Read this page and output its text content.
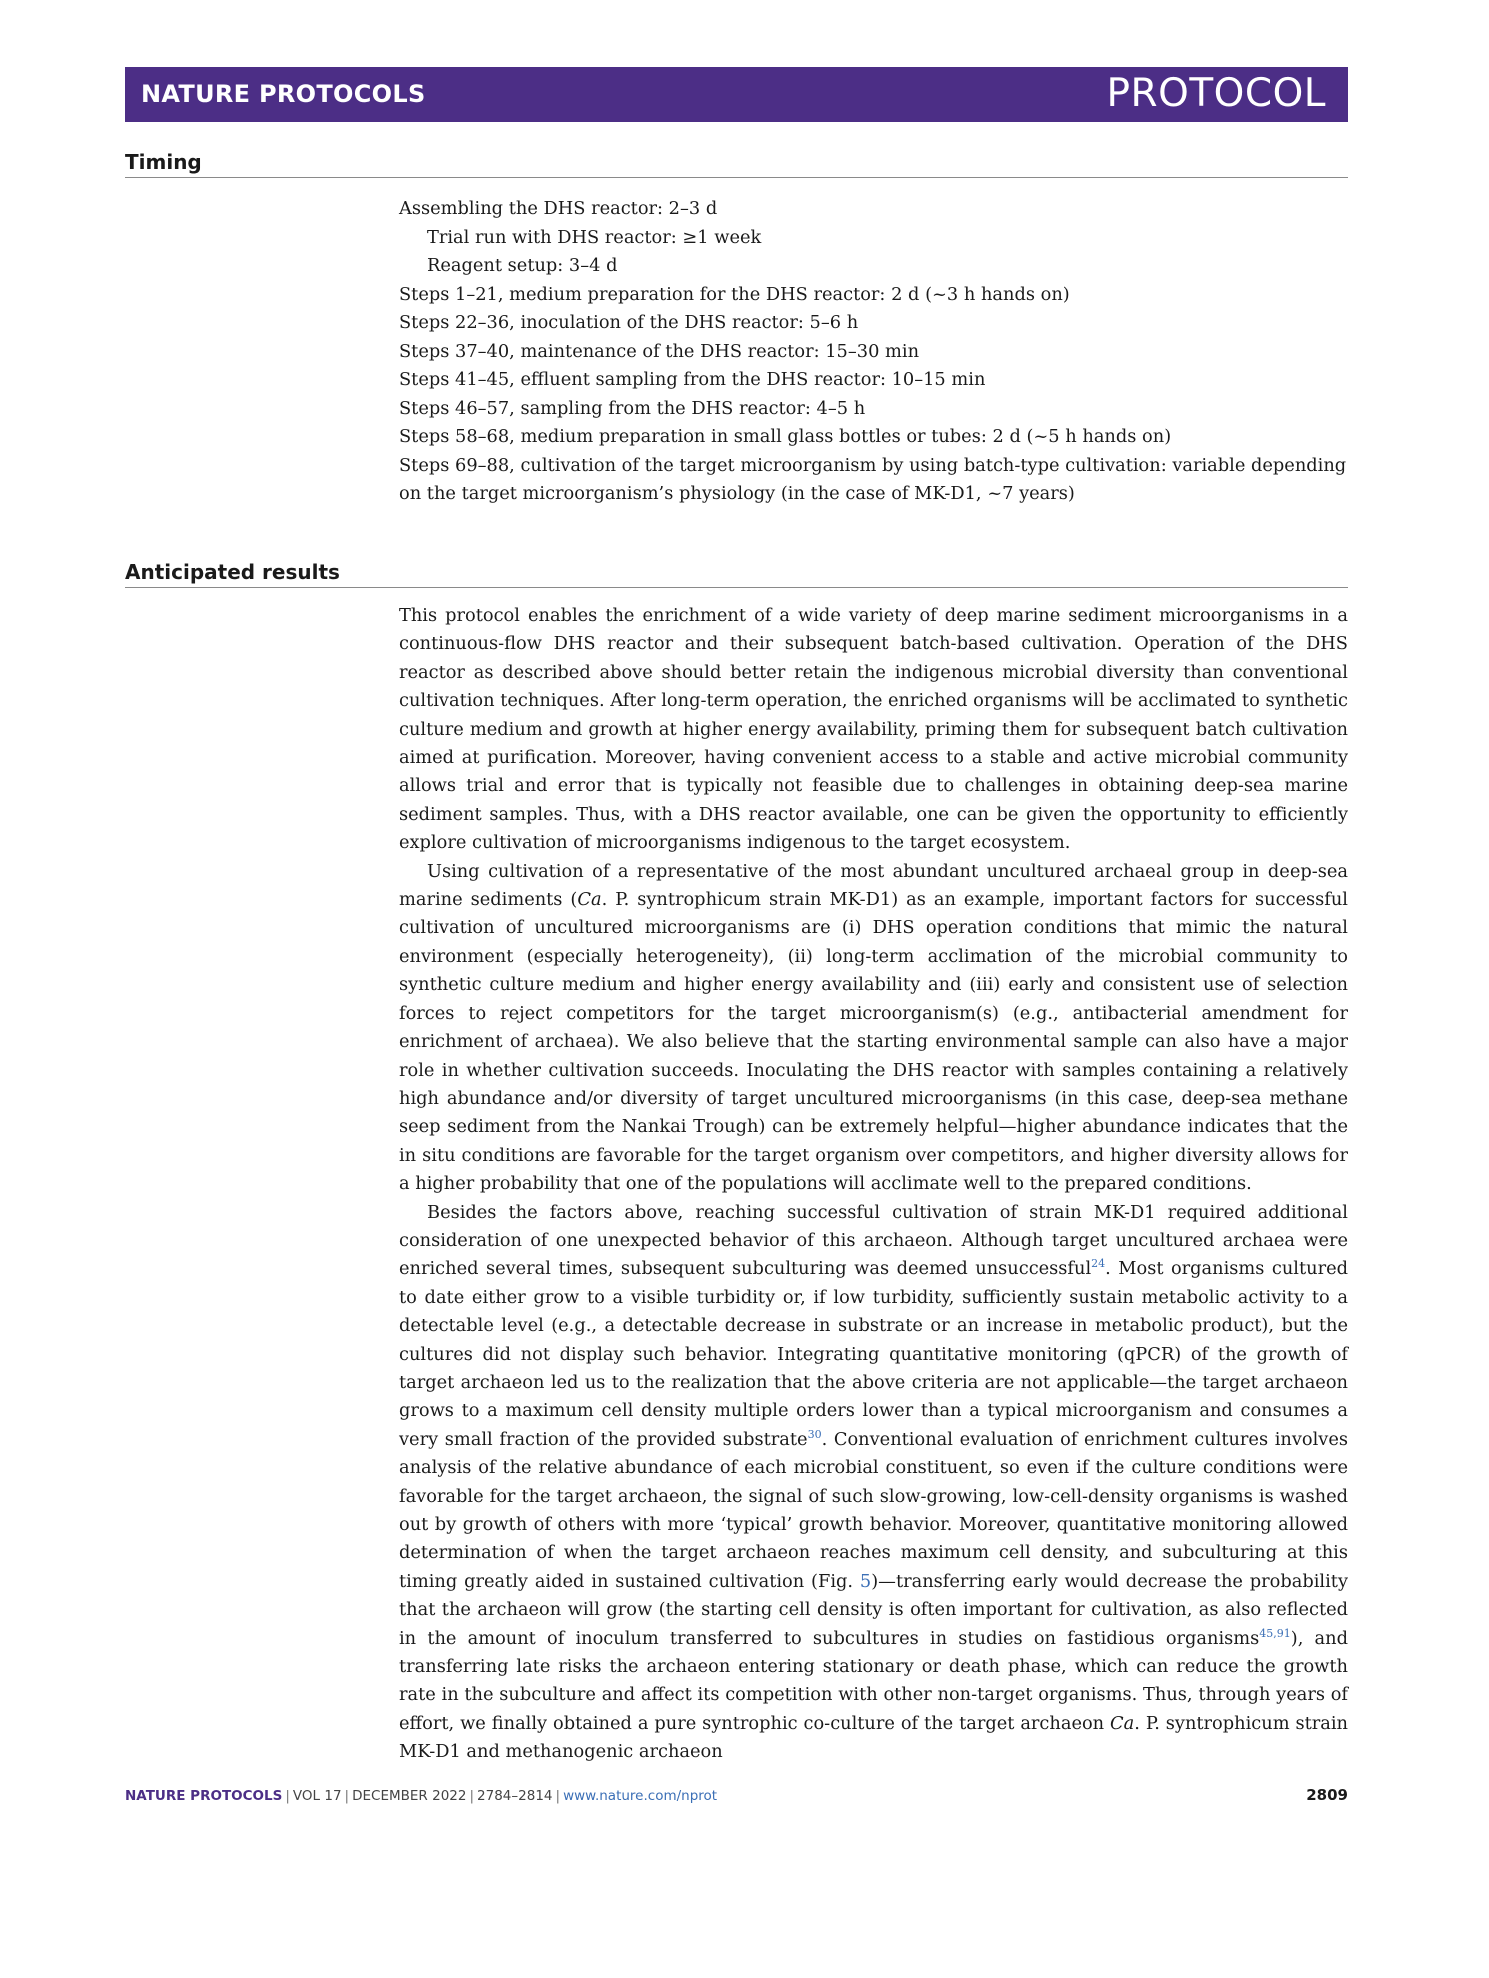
NATURE PROTOCOLS	PROTOCOL
Timing
Assembling the DHS reactor: 2–3 d
Trial run with DHS reactor: ≥1 week
Reagent setup: 3–4 d
Steps 1–21, medium preparation for the DHS reactor: 2 d (~3 h hands on)
Steps 22–36, inoculation of the DHS reactor: 5–6 h
Steps 37–40, maintenance of the DHS reactor: 15–30 min
Steps 41–45, effluent sampling from the DHS reactor: 10–15 min
Steps 46–57, sampling from the DHS reactor: 4–5 h
Steps 58–68, medium preparation in small glass bottles or tubes: 2 d (~5 h hands on)
Steps 69–88, cultivation of the target microorganism by using batch-type cultivation: variable depending on the target microorganism’s physiology (in the case of MK-D1, ~7 years)
Anticipated results

This protocol enables the enrichment of a wide variety of deep marine sediment microorganisms in a continuous-flow DHS reactor and their subsequent batch-based cultivation. Operation of the DHS reactor as described above should better retain the indigenous microbial diversity than conventional cultivation techniques. After long-term operation, the enriched organisms will be acclimated to synthetic culture medium and growth at higher energy availability, priming them for subsequent batch cultivation aimed at purification. Moreover, having convenient access to a stable and active microbial community allows trial and error that is typically not feasible due to challenges in obtaining deep-sea marine sediment samples. Thus, with a DHS reactor available, one can be given the opportunity to efficiently explore cultivation of microorganisms indigenous to the target ecosystem.

Using cultivation of a representative of the most abundant uncultured archaeal group in deep-sea marine sediments (Ca. P. syntrophicum strain MK-D1) as an example, important factors for successful cultivation of uncultured microorganisms are (i) DHS operation conditions that mimic the natural environment (especially heterogeneity), (ii) long-term acclimation of the microbial community to synthetic culture medium and higher energy availability and (iii) early and consistent use of selection forces to reject competitors for the target microorganism(s) (e.g., antibacterial amendment for enrichment of archaea). We also believe that the starting environmental sample can also have a major role in whether cultivation succeeds. Inoculating the DHS reactor with samples containing a relatively high abundance and/or diversity of target uncultured microorganisms (in this case, deep-sea methane seep sediment from the Nankai Trough) can be extremely helpful—higher abundance indicates that the in situ conditions are favorable for the target organism over competitors, and higher diversity allows for a higher probability that one of the populations will acclimate well to the prepared conditions.

Besides the factors above, reaching successful cultivation of strain MK-D1 required additional consideration of one unexpected behavior of this archaeon. Although target uncultured archaea were enriched several times, subsequent subculturing was deemed unsuccessful$^{24}$. Most organisms cultured to date either grow to a visible turbidity or, if low turbidity, sufficiently sustain metabolic activity to a detectable level (e.g., a detectable decrease in substrate or an increase in metabolic product), but the cultures did not display such behavior. Integrating quantitative monitoring (qPCR) of the growth of target archaeon led us to the realization that the above criteria are not applicable—the target archaeon grows to a maximum cell density multiple orders lower than a typical microorganism and consumes a very small fraction of the provided substrate$^{30}$. Conventional evaluation of enrichment cultures involves analysis of the relative abundance of each microbial constituent, so even if the culture conditions were favorable for the target archaeon, the signal of such slow-growing, low-cell-density organisms is washed out by growth of others with more ‘typical’ growth behavior. Moreover, quantitative monitoring allowed determination of when the target archaeon reaches maximum cell density, and subculturing at this timing greatly aided in sustained cultivation (Fig. 5)—transferring early would decrease the probability that the archaeon will grow (the starting cell density is often important for cultivation, as also reflected in the amount of inoculum transferred to subcultures in studies on fastidious organisms$^{45,91}$), and transferring late risks the archaeon entering stationary or death phase, which can reduce the growth rate in the subculture and affect its competition with other non-target organisms. Thus, through years of effort, we finally obtained a pure syntrophic co-culture of the target archaeon Ca. P. syntrophicum strain MK-D1 and methanogenic archaeon

NATURE PROTOCOLS | VOL 17 | DECEMBER 2022 | 2784–2814 | www.nature.com/nprot	2809
